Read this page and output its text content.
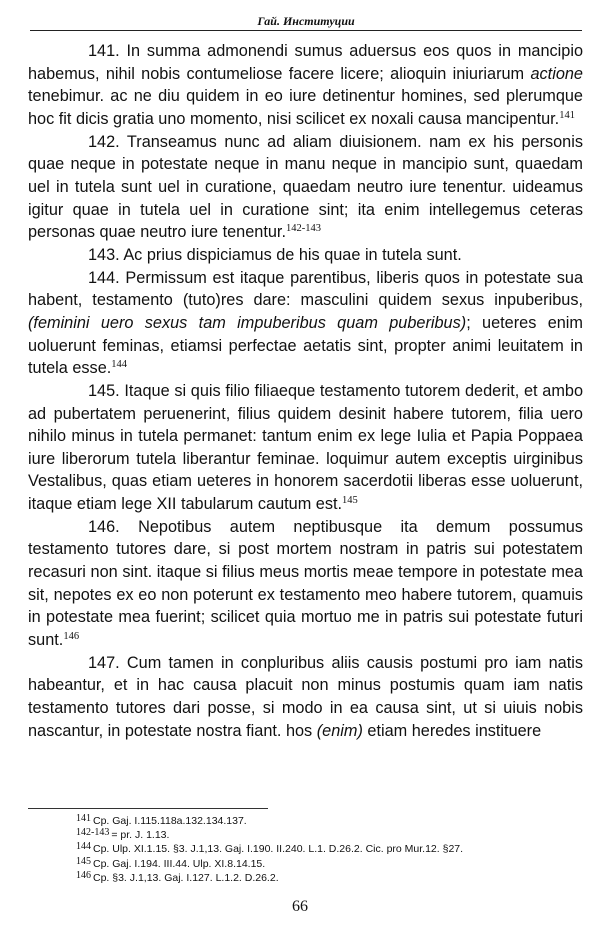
Гай. Институции

141. In summa admonendi sumus aduersus eos quos in mancipio habemus, nihil nobis contumeliose facere licere; alioquin iniuriarum actione tenebimur. ac ne diu quidem in eo iure detinentur homines, sed plerumque hoc fit dicis gratia uno momento, nisi scilicet ex noxali causa mancipentur.$^{141}$

142. Transeamus nunc ad aliam diuisionem. nam ex his personis quae neque in potestate neque in manu neque in mancipio sunt, quaedam uel in tutela sunt uel in curatione, quaedam neutro iure tenentur. uideamus igitur quae in tutela uel in curatione sint; ita enim intellegemus ceteras personas quae neutro iure tenentur.$^{142-143}$

143. Ac prius dispiciamus de his quae in tutela sunt.

144. Permissum est itaque parentibus, liberis quos in potestate sua habent, testamento (tuto)res dare: masculini quidem sexus inpuberibus, (feminini uero sexus tam impuberibus quam puberibus); ueteres enim uoluerunt feminas, etiamsi perfectae aetatis sint, propter animi leuitatem in tutela esse.$^{144}$

145. Itaque si quis filio filiaeque testamento tutorem dederit, et ambo ad pubertatem peruenerint, filius quidem desinit habere tutorem, filia uero nihilo minus in tutela permanet: tantum enim ex lege Iulia et Papia Poppaea iure liberorum tutela liberantur feminae. loquimur autem exceptis uirginibus Vestalibus, quas etiam ueteres in honorem sacerdotii liberas esse uoluerunt, itaque etiam lege XII tabularum cautum est.$^{145}$

146. Nepotibus autem neptibusque ita demum possumus testamento tutores dare, si post mortem nostram in patris sui potestatem recasuri non sint. itaque si filius meus mortis meae tempore in potestate mea sit, nepotes ex eo non poterunt ex testamento meo habere tutorem, quamuis in potestate mea fuerint; scilicet quia mortuo me in patris sui potestate futuri sunt.$^{146}$

147. Cum tamen in conpluribus aliis causis postumi pro iam natis habeantur, et in hac causa placuit non minus postumis quam iam natis testamento tutores dari posse, si modo in ea causa sint, ut si uiuis nobis nascantur, in potestate nostra fiant. hos (enim) etiam heredes instituere

$^{141}$ Cp. Gaj. I.115.118a.132.134.137.
$^{142-143}$ = pr. J. 1.13.
$^{144}$ Cp. Ulp. XI.1.15. §3. J.1,13. Gaj. I.190. II.240. L.1. D.26.2. Cic. pro Mur.12. §27.
$^{145}$ Cp. Gaj. I.194. III.44. Ulp. XI.8.14.15.
$^{146}$ Cp. §3. J.1,13. Gaj. I.127. L.1.2. D.26.2.
66
